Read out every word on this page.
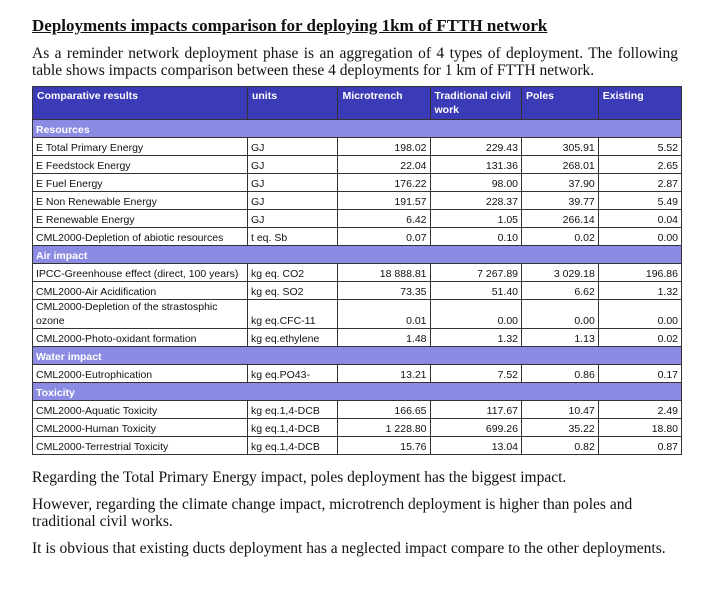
Deployments impacts comparison for deploying 1km of FTTH network
As a reminder network deployment phase is an aggregation of 4 types of deployment. The following table shows impacts comparison between these 4 deployments for 1 km of FTTH network.
Comparative results	units	Microtrench	Traditional civil work	Poles	Existing
Resources					
E Total Primary Energy	GJ	198.02	229.43	305.91	5.52
E Feedstock Energy	GJ	22.04	131.36	268.01	2.65
E Fuel Energy	GJ	176.22	98.00	37.90	2.87
E Non Renewable Energy	GJ	191.57	228.37	39.77	5.49
E Renewable Energy	GJ	6.42	1.05	266.14	0.04
CML2000-Depletion of abiotic resources	t eq. Sb	0.07	0.10	0.02	0.00
Air impact					
IPCC-Greenhouse effect (direct, 100 years)	kg eq. CO2	18 888.81	7 267.89	3 029.18	196.86
CML2000-Air Acidification	kg eq. SO2	73.35	51.40	6.62	1.32
CML2000-Depletion of the strastosphic ozone	kg eq.CFC-11	0.01	0.00	0.00	0.00
CML2000-Photo-oxidant formation	kg eq.ethylene	1.48	1.32	1.13	0.02
Water impact					
CML2000-Eutrophication	kg eq.PO43-	13.21	7.52	0.86	0.17
Toxicity					
CML2000-Aquatic Toxicity	kg eq.1,4-DCB	166.65	117.67	10.47	2.49
CML2000-Human Toxicity	kg eq.1,4-DCB	1 228.80	699.26	35.22	18.80
CML2000-Terrestrial Toxicity	kg eq.1,4-DCB	15.76	13.04	0.82	0.87

Regarding the Total Primary Energy impact, poles deployment has the biggest impact.

However, regarding the climate change impact, microtrench deployment is higher than poles and traditional civil works.

It is obvious that existing ducts deployment has a neglected impact compare to the other deployments.
